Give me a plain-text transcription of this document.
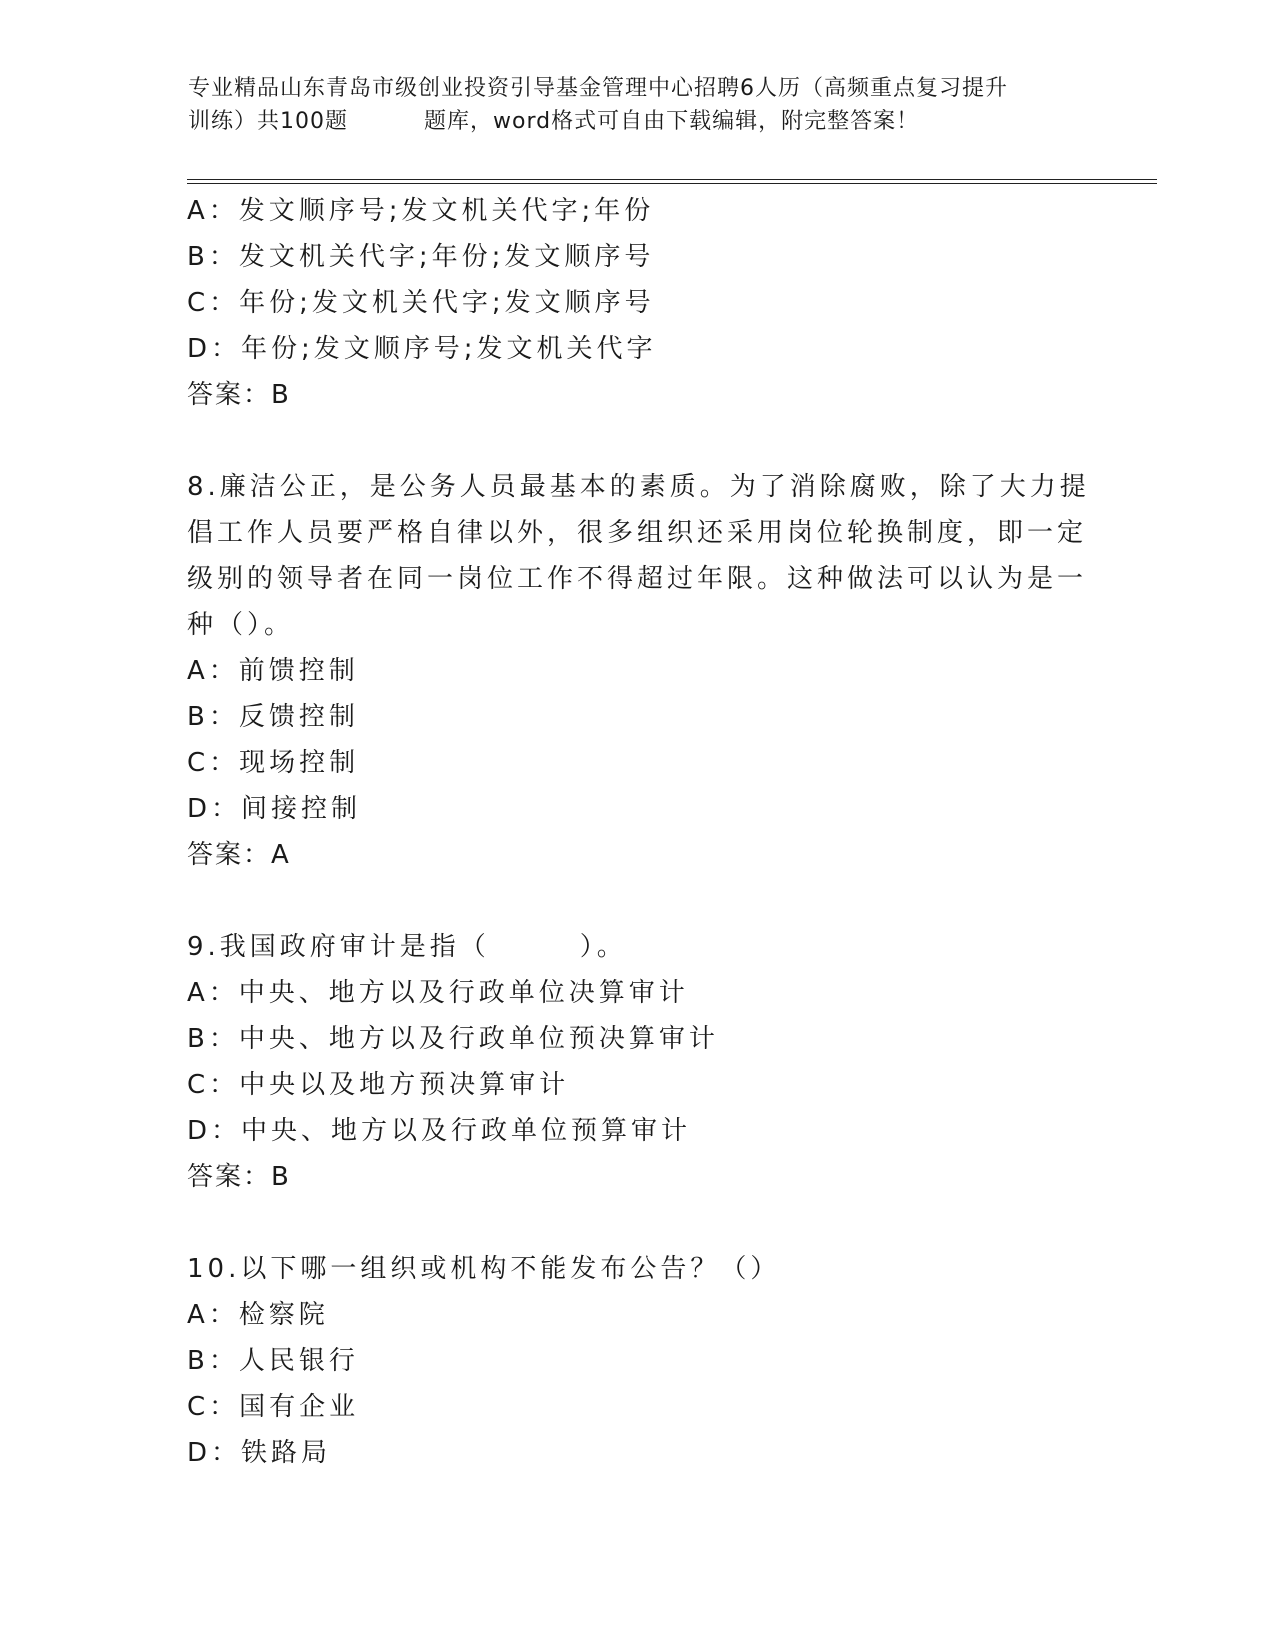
专业精品山东青岛市级创业投资引导基金管理中心招聘6人历（高频重点复习提升
训练）共100题	题库，word格式可自由下载编辑，附完整答案！
A：发文顺序号;发文机关代字;年份
B：发文机关代字;年份;发文顺序号
C：年份;发文机关代字;发文顺序号
D：年份;发文顺序号;发文机关代字
答案：B
8.廉洁公正，是公务人员最基本的素质。为了消除腐败，除了大力提
倡工作人员要严格自律以外，很多组织还采用岗位轮换制度，即一定
级别的领导者在同一岗位工作不得超过年限。这种做法可以认为是一
种（）。
A：前馈控制
B：反馈控制
C：现场控制
D：间接控制
答案：A
9.我国政府审计是指（　　　）。
A：中央、地方以及行政单位决算审计
B：中央、地方以及行政单位预决算审计
C：中央以及地方预决算审计
D：中央、地方以及行政单位预算审计
答案：B
10.以下哪一组织或机构不能发布公告？（）
A：检察院
B：人民银行
C：国有企业
D：铁路局
